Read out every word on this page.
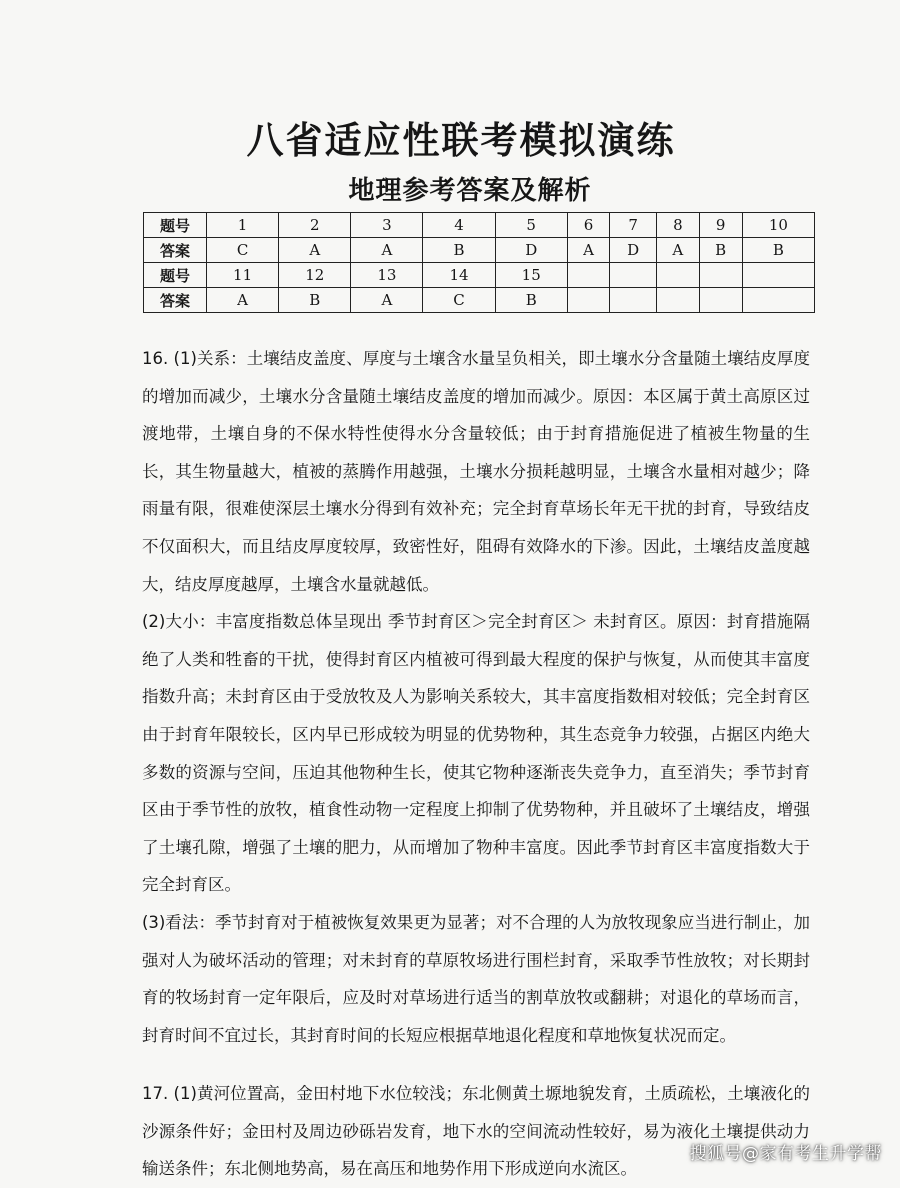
八省适应性联考模拟演练
地理参考答案及解析
题号	1	2	3	4	5	6	7	8	9	10
答案	C	A	A	B	D	A	D	A	B	B
题号	11	12	13	14	15					
答案	A	B	A	C	B					

16. (1)关系：土壤结皮盖度、厚度与土壤含水量呈负相关，即土壤水分含量随土壤结皮厚度的增加而减少，土壤水分含量随土壤结皮盖度的增加而减少。原因：本区属于黄土高原区过渡地带，土壤自身的不保水特性使得水分含量较低；由于封育措施促进了植被生物量的生长，其生物量越大，植被的蒸腾作用越强，土壤水分损耗越明显，土壤含水量相对越少；降雨量有限，很难使深层土壤水分得到有效补充；完全封育草场长年无干扰的封育，导致结皮不仅面积大，而且结皮厚度较厚，致密性好，阻碍有效降水的下渗。因此，土壤结皮盖度越大，结皮厚度越厚，土壤含水量就越低。

(2)大小：丰富度指数总体呈现出 季节封育区＞完全封育区＞ 未封育区。原因：封育措施隔绝了人类和牲畜的干扰，使得封育区内植被可得到最大程度的保护与恢复，从而使其丰富度指数升高；未封育区由于受放牧及人为影响关系较大，其丰富度指数相对较低；完全封育区由于封育年限较长，区内早已形成较为明显的优势物种，其生态竞争力较强，占据区内绝大多数的资源与空间，压迫其他物种生长，使其它物种逐渐丧失竞争力，直至消失；季节封育区由于季节性的放牧，植食性动物一定程度上抑制了优势物种，并且破坏了土壤结皮，增强了土壤孔隙，增强了土壤的肥力，从而增加了物种丰富度。因此季节封育区丰富度指数大于完全封育区。

(3)看法：季节封育对于植被恢复效果更为显著；对不合理的人为放牧现象应当进行制止，加强对人为破坏活动的管理；对未封育的草原牧场进行围栏封育，采取季节性放牧；对长期封育的牧场封育一定年限后，应及时对草场进行适当的割草放牧或翻耕；对退化的草场而言，封育时间不宜过长，其封育时间的长短应根据草地退化程度和草地恢复状况而定。

17. (1)黄河位置高，金田村地下水位较浅；东北侧黄土塬地貌发育，土质疏松，土壤液化的沙源条件好；金田村及周边砂砾岩发育，地下水的空间流动性较好，易为液化土壤提供动力输送条件；东北侧地势高，易在高压和地势作用下形成逆向水流区。

搜狐号@家有考生升学帮
